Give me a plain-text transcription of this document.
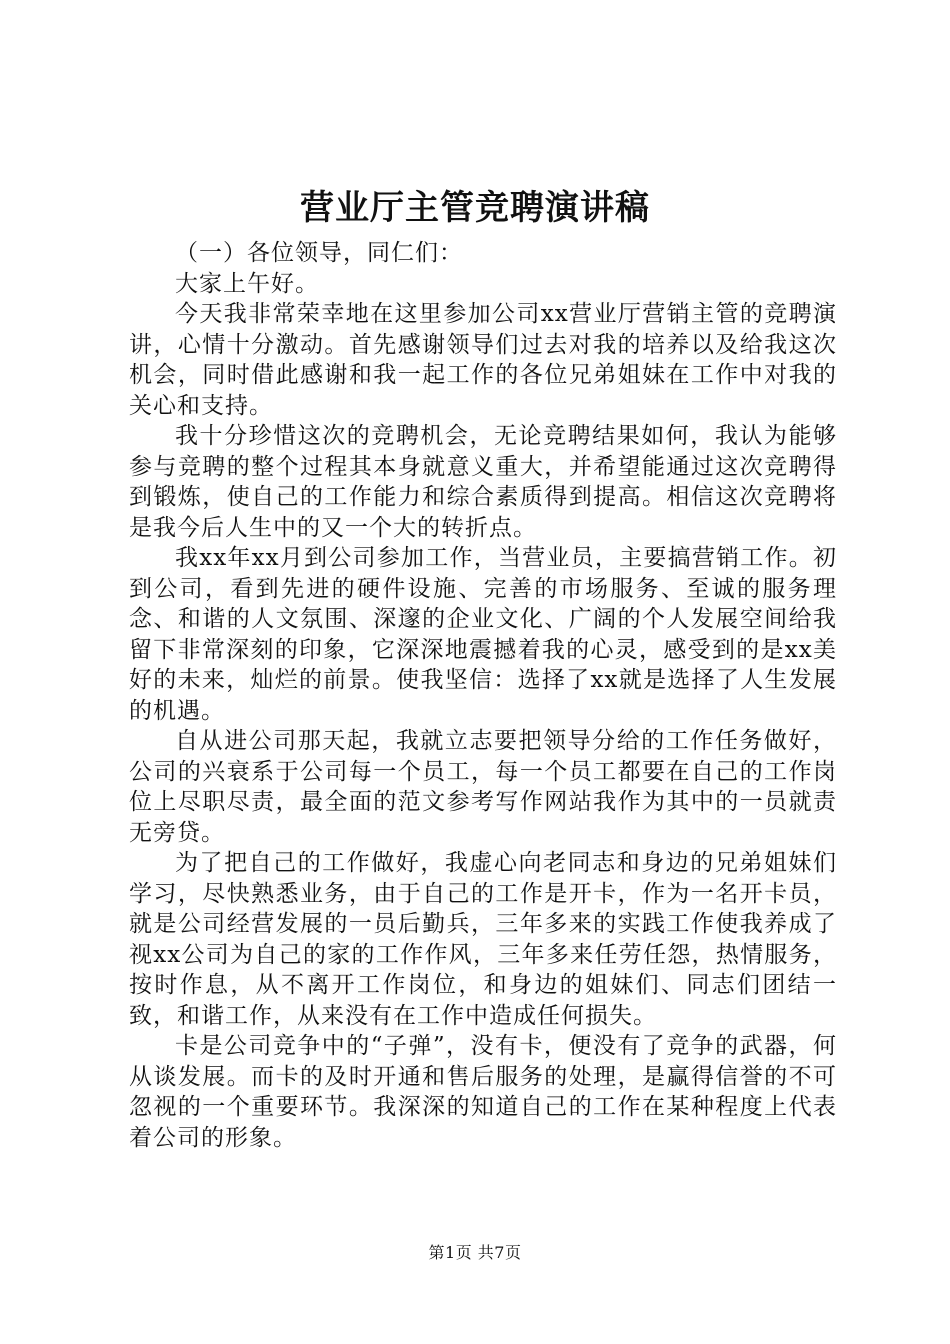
营业厅主管竞聘演讲稿

（一）各位领导，同仁们：

大家上午好。

今天我非常荣幸地在这里参加公司xx营业厅营销主管的竞聘演讲，心情十分激动。首先感谢领导们过去对我的培养以及给我这次机会，同时借此感谢和我一起工作的各位兄弟姐妹在工作中对我的关心和支持。

我十分珍惜这次的竞聘机会，无论竞聘结果如何，我认为能够参与竞聘的整个过程其本身就意义重大，并希望能通过这次竞聘得到锻炼，使自己的工作能力和综合素质得到提高。相信这次竞聘将是我今后人生中的又一个大的转折点。

我xx年xx月到公司参加工作，当营业员，主要搞营销工作。初到公司，看到先进的硬件设施、完善的市场服务、至诚的服务理念、和谐的人文氛围、深邃的企业文化、广阔的个人发展空间给我留下非常深刻的印象，它深深地震撼着我的心灵，感受到的是xx美好的未来，灿烂的前景。使我坚信：选择了xx就是选择了人生发展的机遇。

自从进公司那天起，我就立志要把领导分给的工作任务做好，公司的兴衰系于公司每一个员工，每一个员工都要在自己的工作岗位上尽职尽责，最全面的范文参考写作网站我作为其中的一员就责无旁贷。

为了把自己的工作做好，我虚心向老同志和身边的兄弟姐妹们学习，尽快熟悉业务，由于自己的工作是开卡，作为一名开卡员，就是公司经营发展的一员后勤兵，三年多来的实践工作使我养成了视xx公司为自己的家的工作作风，三年多来任劳任怨，热情服务，按时作息，从不离开工作岗位，和身边的姐妹们、同志们团结一致，和谐工作，从来没有在工作中造成任何损失。

卡是公司竞争中的“子弹”，没有卡，便没有了竞争的武器，何从谈发展。而卡的及时开通和售后服务的处理，是赢得信誉的不可忽视的一个重要环节。我深深的知道自己的工作在某种程度上代表着公司的形象。

第1页 共7页
